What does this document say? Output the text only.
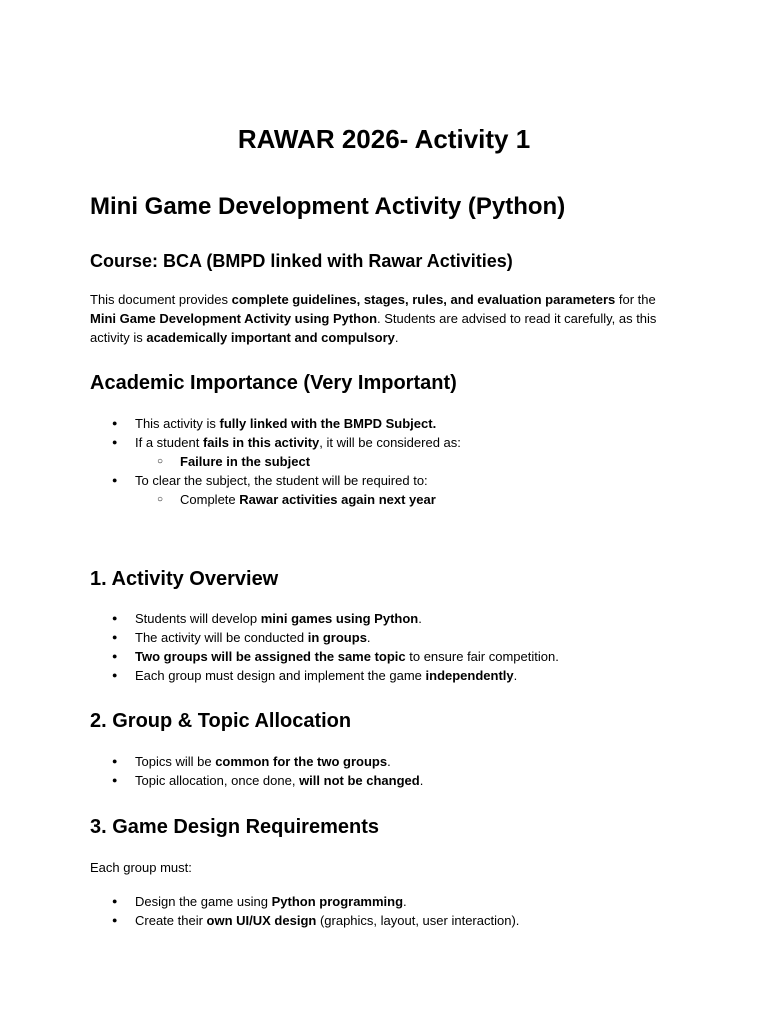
RAWAR 2026- Activity 1
Mini Game Development Activity (Python)
Course: BCA (BMPD linked with Rawar Activities)

This document provides complete guidelines, stages, rules, and evaluation parameters for the Mini Game Development Activity using Python. Students are advised to read it carefully, as this activity is academically important and compulsory.

Academic Importance (Very Important)
● This activity is fully linked with the BMPD Subject.
● If a student fails in this activity, it will be considered as:
○ Failure in the subject
● To clear the subject, the student will be required to:
○ Complete Rawar activities again next year
1. Activity Overview
● Students will develop mini games using Python.
● The activity will be conducted in groups.
● Two groups will be assigned the same topic to ensure fair competition.
● Each group must design and implement the game independently.
2. Group & Topic Allocation
● Topics will be common for the two groups.
● Topic allocation, once done, will not be changed.
3. Game Design Requirements

Each group must:

● Design the game using Python programming.
● Create their own UI/UX design (graphics, layout, user interaction).
